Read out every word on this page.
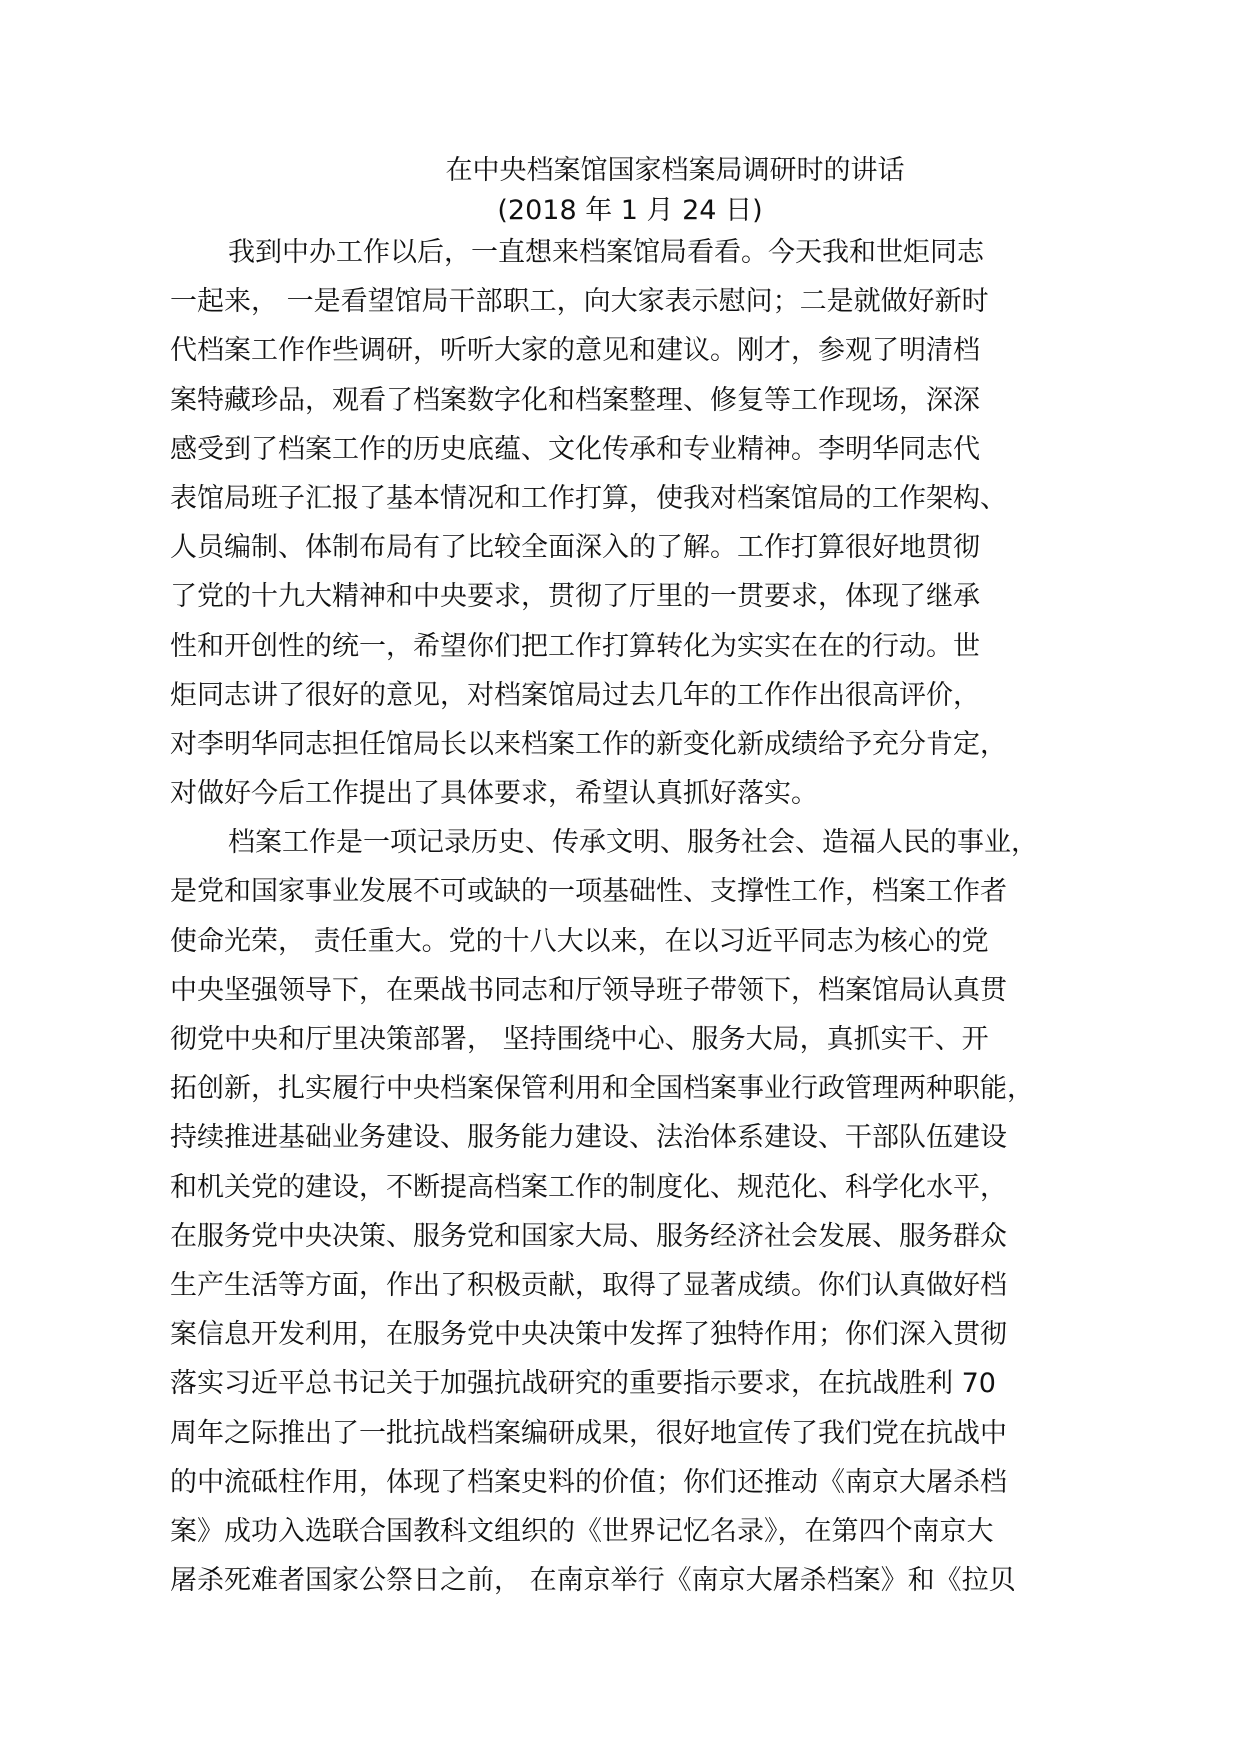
在中央档案馆国家档案局调研时的讲话
(2018 年 1 月 24 日)
我到中办工作以后，一直想来档案馆局看看。今天我和世炬同志
一起来， 一是看望馆局干部职工，向大家表示慰问；二是就做好新时
代档案工作作些调研，听听大家的意见和建议。刚才，参观了明清档
案特藏珍品，观看了档案数字化和档案整理、修复等工作现场，深深
感受到了档案工作的历史底蕴、文化传承和专业精神。李明华同志代
表馆局班子汇报了基本情况和工作打算，使我对档案馆局的工作架构、
人员编制、体制布局有了比较全面深入的了解。工作打算很好地贯彻
了党的十九大精神和中央要求，贯彻了厅里的一贯要求，体现了继承
性和开创性的统一，希望你们把工作打算转化为实实在在的行动。世
炬同志讲了很好的意见，对档案馆局过去几年的工作作出很高评价，
对李明华同志担任馆局长以来档案工作的新变化新成绩给予充分肯定，
对做好今后工作提出了具体要求，希望认真抓好落实。
档案工作是一项记录历史、传承文明、服务社会、造福人民的事业，
是党和国家事业发展不可或缺的一项基础性、支撑性工作，档案工作者
使命光荣， 责任重大。党的十八大以来，在以习近平同志为核心的党
中央坚强领导下，在栗战书同志和厅领导班子带领下，档案馆局认真贯
彻党中央和厅里决策部署， 坚持围绕中心、服务大局，真抓实干、开
拓创新，扎实履行中央档案保管利用和全国档案事业行政管理两种职能，
持续推进基础业务建设、服务能力建设、法治体系建设、干部队伍建设
和机关党的建设，不断提高档案工作的制度化、规范化、科学化水平，
在服务党中央决策、服务党和国家大局、服务经济社会发展、服务群众
生产生活等方面，作出了积极贡献，取得了显著成绩。你们认真做好档
案信息开发利用，在服务党中央决策中发挥了独特作用；你们深入贯彻
落实习近平总书记关于加强抗战研究的重要指示要求，在抗战胜利 70
周年之际推出了一批抗战档案编研成果，很好地宣传了我们党在抗战中
的中流砥柱作用，体现了档案史料的价值；你们还推动《南京大屠杀档
案》成功入选联合国教科文组织的《世界记忆名录》，在第四个南京大
屠杀死难者国家公祭日之前， 在南京举行《南京大屠杀档案》和《拉贝
